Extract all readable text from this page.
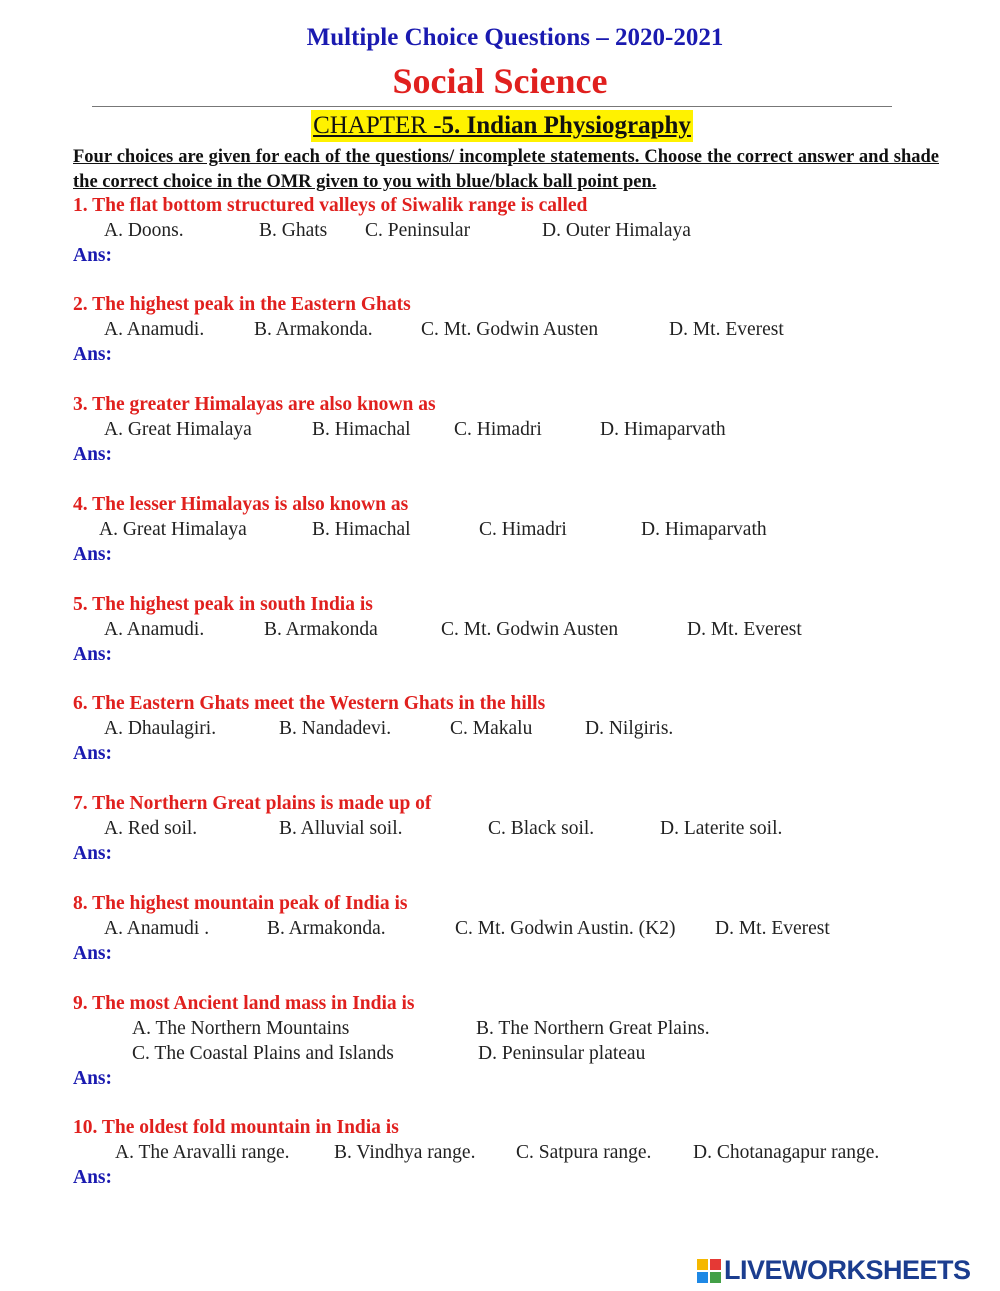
Multiple Choice Questions – 2020-2021
Social Science
CHAPTER -5. Indian Physiography
Four choices are given for each of the questions/ incomplete statements. Choose the correct answer and shade the correct choice in the OMR given to you with blue/black ball point pen.
1. The flat bottom structured valleys of Siwalik range is called
A. Doons.	B. Ghats C. Peninsular	D. Outer Himalaya
Ans:
2. The highest peak in the Eastern Ghats
A. Anamudi.	B. Armakonda. C. Mt. Godwin Austen	D. Mt. Everest
Ans:
3. The greater Himalayas are also known as
A. Great Himalaya	B. Himachal C. Himadri	D. Himaparvath
Ans:
4. The lesser Himalayas is also known as
A. Great Himalaya	B. Himachal	C. Himadri	D. Himaparvath
Ans:
5. The highest peak in south India is
A. Anamudi.	B. Armakonda	C. Mt. Godwin Austen	D. Mt. Everest
Ans:
6. The Eastern Ghats meet the Western Ghats in the hills
A. Dhaulagiri.	B. Nandadevi.	C. Makalu	D. Nilgiris.
Ans:
7. The Northern Great plains is made up of
A. Red soil.	B. Alluvial soil.	C. Black soil.	D. Laterite soil.
Ans:
8. The highest mountain peak of India is
A. Anamudi .	B. Armakonda.	C. Mt. Godwin Austin. (K2) D. Mt. Everest
Ans:
9. The most Ancient land mass in India is
A. The Northern Mountains	B. The Northern Great Plains.
C. The Coastal Plains and Islands	D. Peninsular plateau
Ans:
10. The oldest fold mountain in India is
A. The Aravalli range. B. Vindhya range. C. Satpura range. D. Chotanagapur range.
Ans:
LIVEWORKSHEETS
